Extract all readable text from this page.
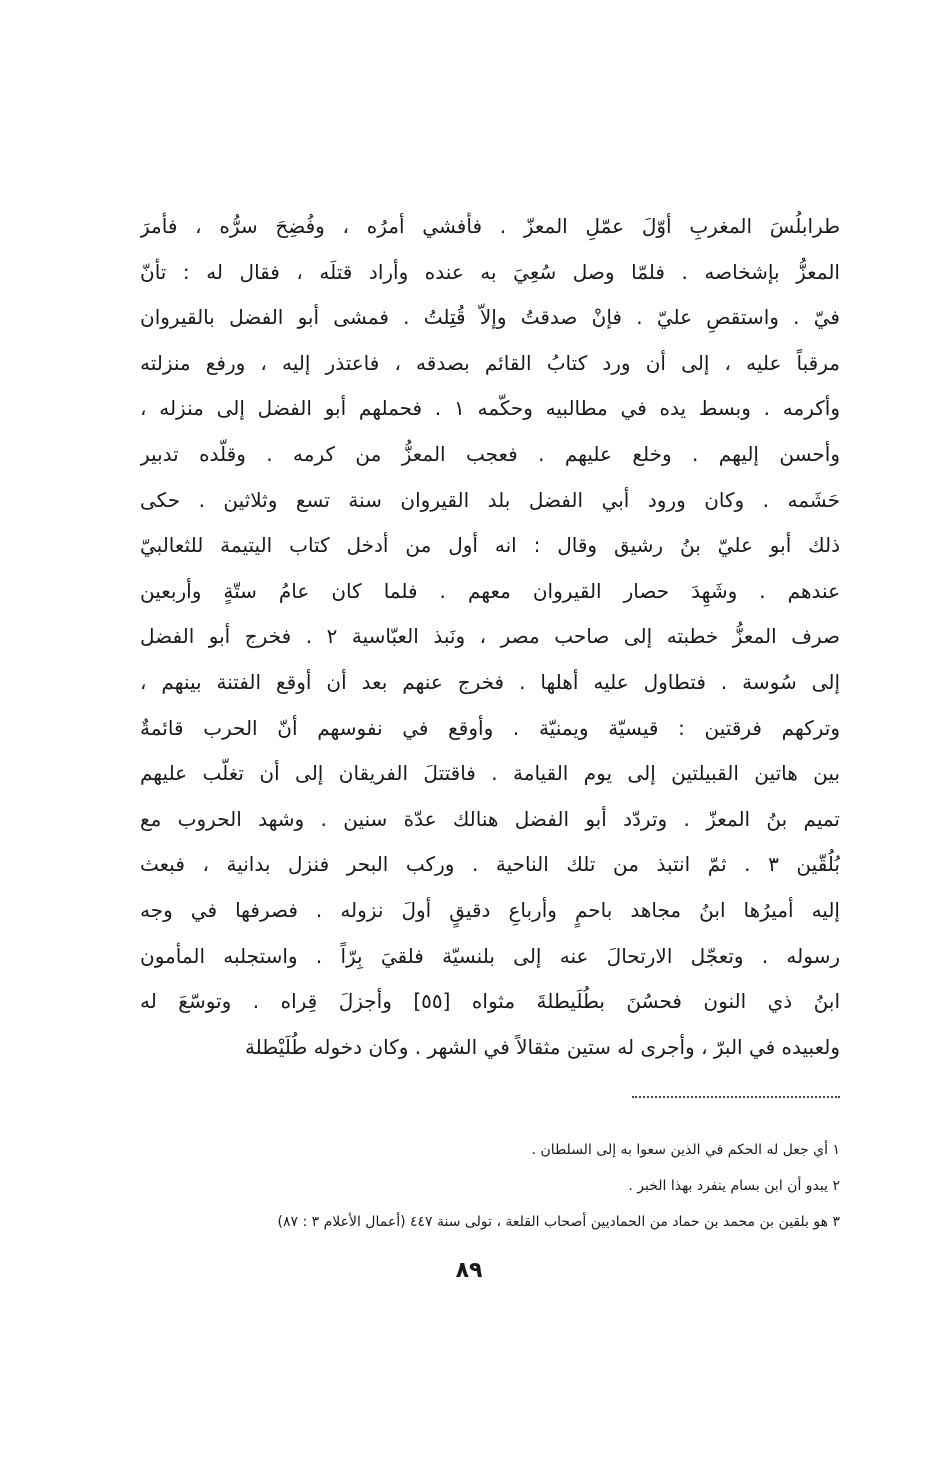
طرابلُسَ المغربِ أوّلَ عمّلِ المعزّ . فأفشي أمرُه ، وفُضِحَ سرُّه ، فأمرَ
المعزُّ بإشخاصه . فلمّا وصل سُعِيَ به عنده وأراد قتلَه ، فقال له : تأنّ
فيّ . واستقصِ عليّ . فإنْ صدقتُ وإلاّ قُتِلتُ . فمشى أبو الفضل بالقيروان
مرقباً عليه ، إلى أن ورد كتابُ القائم بصدقه ، فاعتذر إليه ، ورفع منزلته
وأكرمه . وبسط يده في مطالبيه وحكّمه ١ . فحملهم أبو الفضل إلى منزله ،
وأحسن إليهم . وخلع عليهم . فعجب المعزُّ من كرمه . وقلّده تدبير
حَشَمه . وكان ورود أبي الفضل بلد القيروان سنة تسع وثلاثين . حكى
ذلك أبو عليّ بنُ رشيق وقال : انه أول من أدخل كتاب اليتيمة للثعالبيّ
عندهم . وشَهِدَ حصار القيروان معهم . فلما كان عامُ ستّةٍ وأربعين
صرف المعزُّ خطبته إلى صاحب مصر ، ونَبذ العبّاسية ٢ . فخرج أبو الفضل
إلى سُوسة . فتطاول عليه أهلها . فخرج عنهم بعد أن أوقع الفتنة بينهم ،
وتركهم فرقتين : قيسيّة ويمنيّة . وأوقع في نفوسهم أنّ الحرب قائمةٌ
بين هاتين القبيلتين إلى يوم القيامة . فاقتتلَ الفريقان إلى أن تغلّب عليهم
تميم بنُ المعزّ . وتردّد أبو الفضل هنالك عدّة سنين . وشهد الحروب مع
بُلُقّين ٣ . ثمّ انتبذ من تلك الناحية . وركب البحر فنزل بدانية ، فبعث
إليه أميرُها ابنُ مجاهد باحمٍ وأرباعِ دقيقٍ أولَ نزوله . فصرفها في وجه
رسوله . وتعجّل الارتحالَ عنه إلى بلنسيّة فلقيَ بِرّاً . واستجلبه المأمون
ابنُ ذي النون فحسُنَ بطُلَيطلةَ مثواه [٥٥] وأجزلَ قِراه . وتوسّعَ له
ولعبيده في البرّ ، وأجرى له ستين مثقالاً في الشهر . وكان دخوله طُلَيْطلة
١ أي جعل له الحكم في الذين سعوا به إلى السلطان .
٢ يبدو أن ابن بسام ينفرد بهذا الخبر .
٣ هو بلقين بن محمد بن حماد من الحماديين أصحاب القلعة ، تولى سنة ٤٤٧ (أعمال الأعلام ٣ : ٨٧)
٨٩
